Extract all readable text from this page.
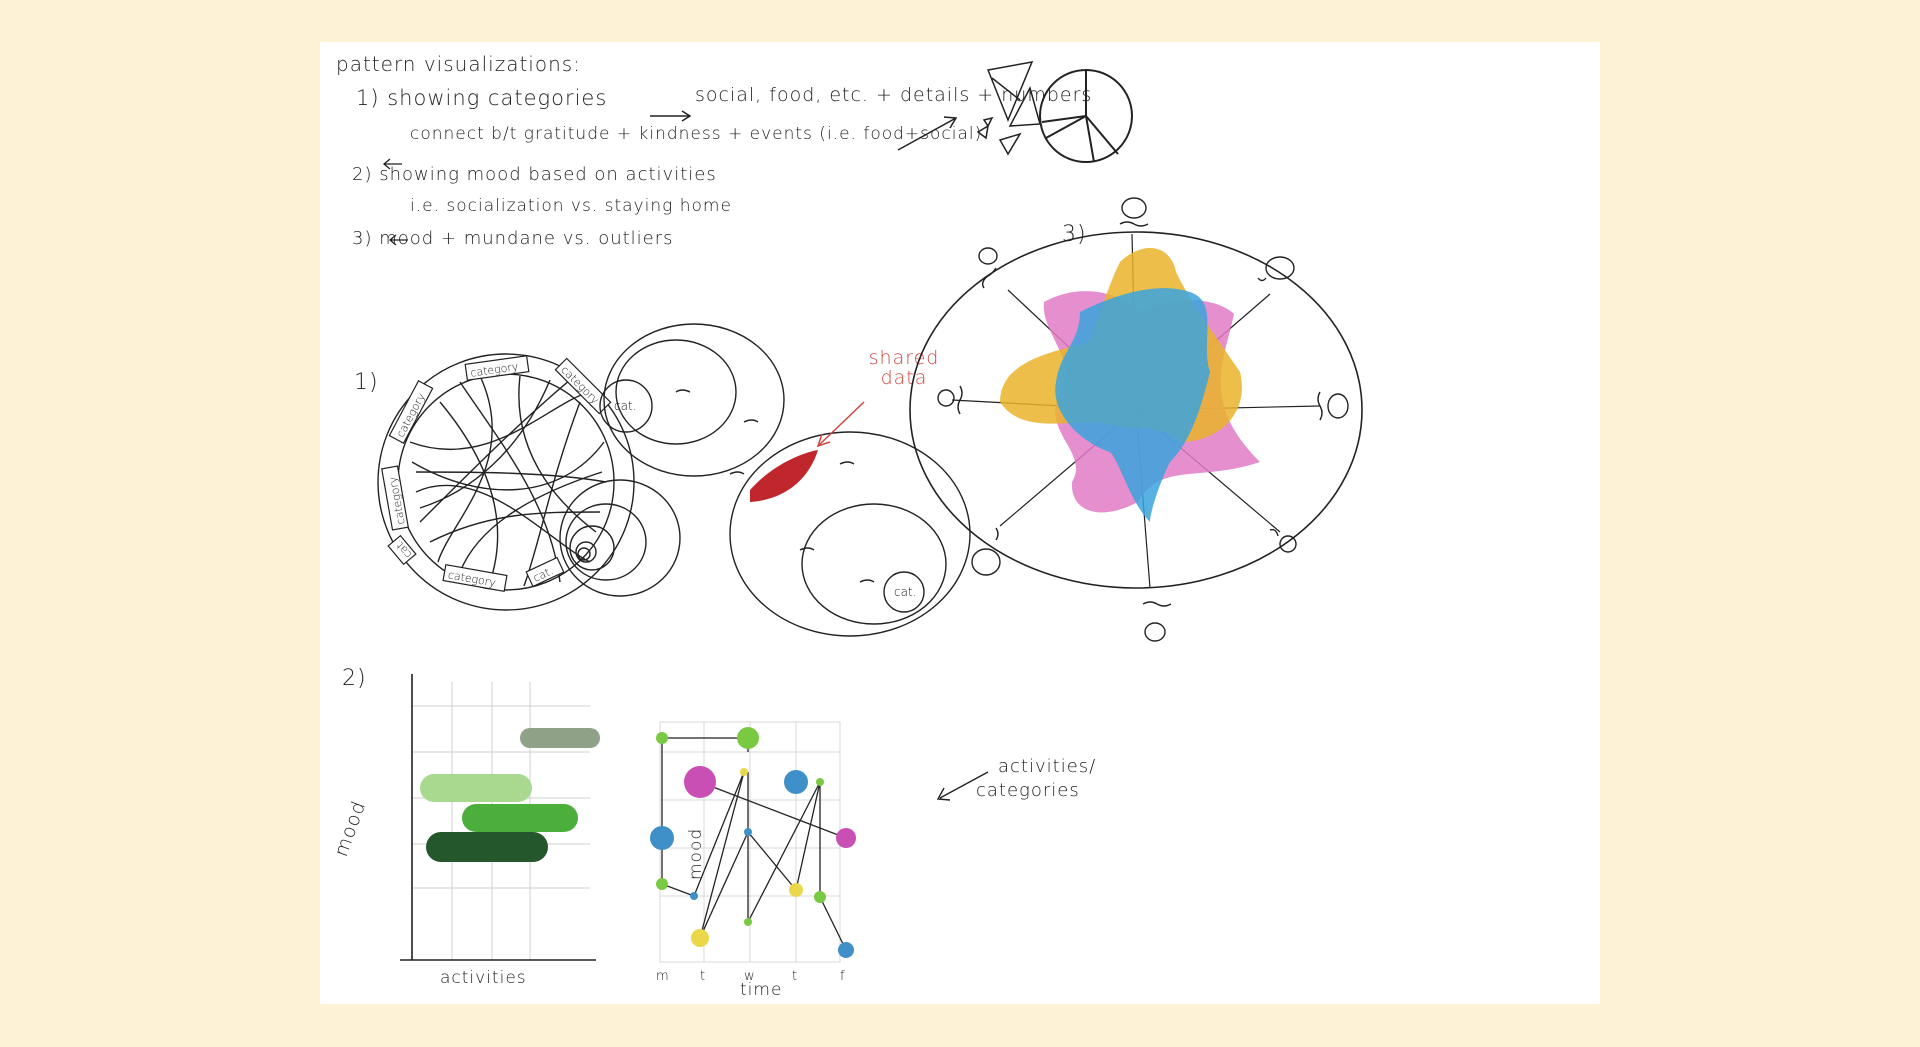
pattern visualizations:
1) showing categories	social, food, etc. + details + numbers
connect b/t gratitude + kindness + events (i.e. food+social)
2) showing mood based on activities
i.e. socialization vs. staying home
3) mood + mundane vs. outliers
1)
2)
3)
shared data
activities/
categories
activities
mood
time
mood
category	category
category
category
cat.
category	cat.
cat.
cat.
m t	w	t	f
